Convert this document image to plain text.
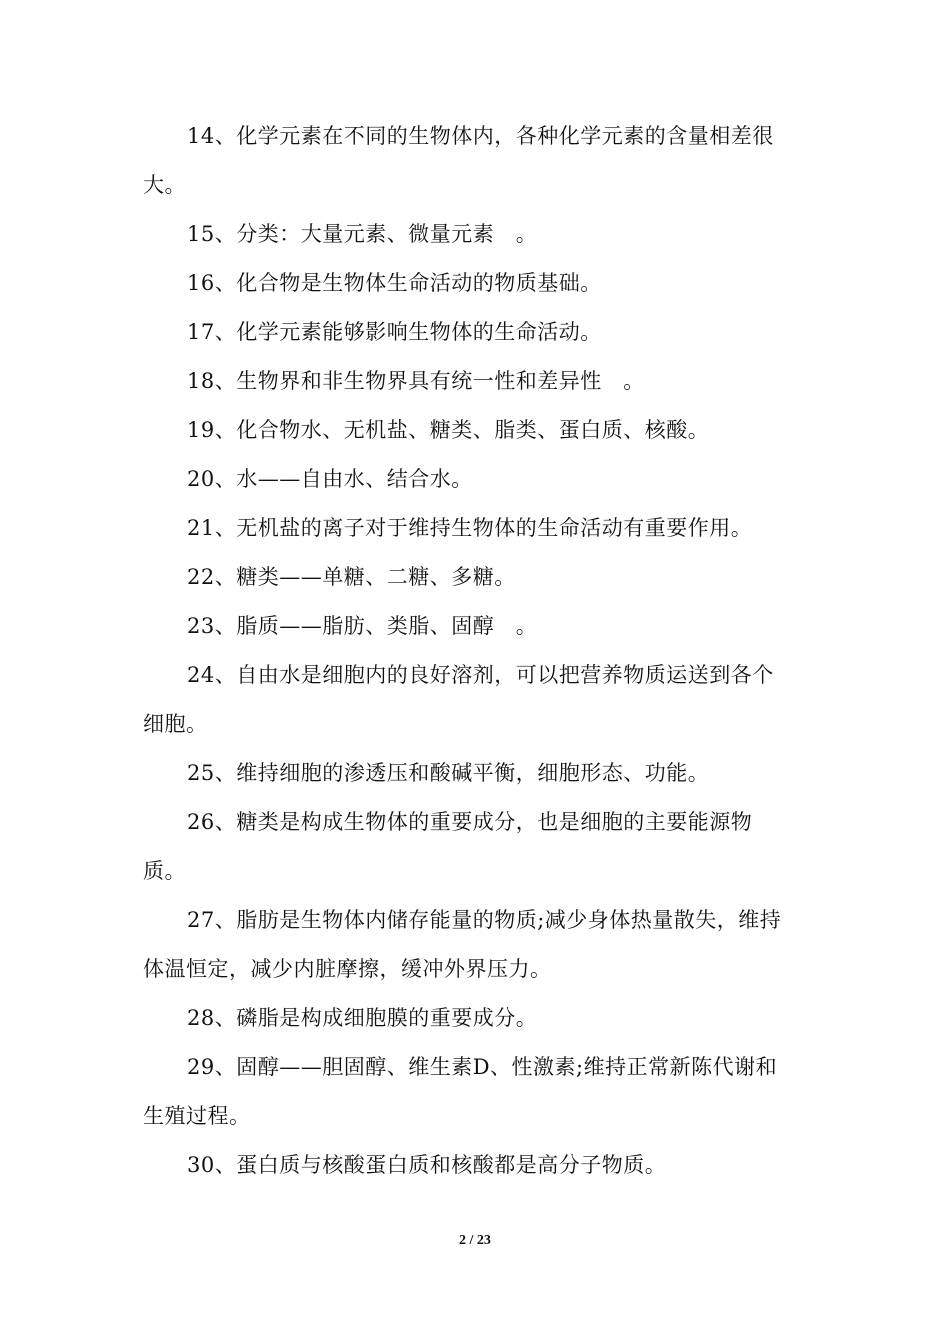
14、化学元素在不同的生物体内，各种化学元素的含量相差很大。

15、分类：大量元素、微量元素　。

16、化合物是生物体生命活动的物质基础。

17、化学元素能够影响生物体的生命活动。

18、生物界和非生物界具有统一性和差异性　。

19、化合物水、无机盐、糖类、脂类、蛋白质、核酸。

20、水——自由水、结合水。

21、无机盐的离子对于维持生物体的生命活动有重要作用。

22、糖类——单糖、二糖、多糖。

23、脂质——脂肪、类脂、固醇　。

24、自由水是细胞内的良好溶剂，可以把营养物质运送到各个细胞。

25、维持细胞的渗透压和酸碱平衡，细胞形态、功能。

26、糖类是构成生物体的重要成分，也是细胞的主要能源物质。

27、脂肪是生物体内储存能量的物质;减少身体热量散失，维持体温恒定，减少内脏摩擦，缓冲外界压力。

28、磷脂是构成细胞膜的重要成分。

29、固醇——胆固醇、维生素D、性激素;维持正常新陈代谢和生殖过程。

30、蛋白质与核酸蛋白质和核酸都是高分子物质。

2 / 23
